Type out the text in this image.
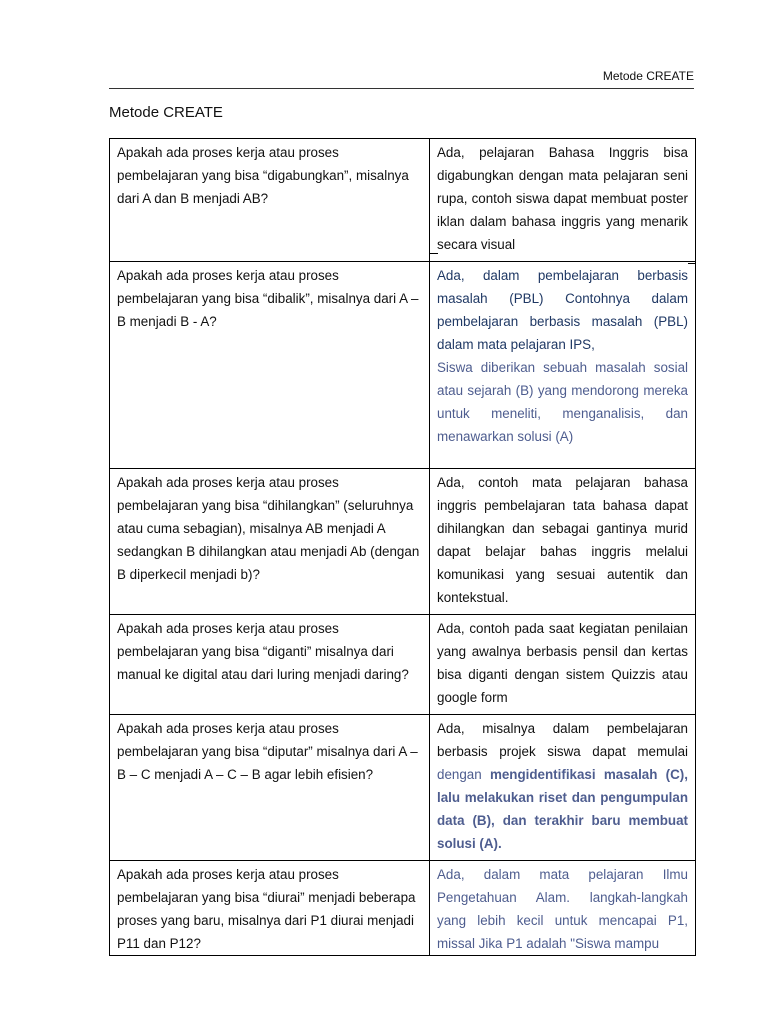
Metode CREATE
Metode CREATE
Apakah ada proses kerja atau proses pembelajaran yang bisa “digabungkan”, misalnya dari A dan B menjadi AB?	Ada, pelajaran Bahasa Inggris bisa digabungkan dengan mata pelajaran seni rupa, contoh siswa dapat membuat poster iklan dalam bahasa inggris yang menarik secara visual
Apakah ada proses kerja atau proses pembelajaran yang bisa “dibalik”, misalnya dari A – B menjadi B - A?	Ada, dalam pembelajaran berbasis masalah (PBL) Contohnya dalam pembelajaran berbasis masalah (PBL) dalam mata pelajaran IPS,
Siswa diberikan sebuah masalah sosial atau sejarah (B) yang mendorong mereka untuk meneliti, menganalisis, dan menawarkan solusi (A)
Apakah ada proses kerja atau proses pembelajaran yang bisa “dihilangkan” (seluruhnya atau cuma sebagian), misalnya AB menjadi A sedangkan B dihilangkan atau menjadi Ab (dengan B diperkecil menjadi b)?	Ada, contoh mata pelajaran bahasa inggris pembelajaran tata bahasa dapat dihilangkan dan sebagai gantinya murid dapat belajar bahas inggris melalui komunikasi yang sesuai autentik dan kontekstual.
Apakah ada proses kerja atau proses pembelajaran yang bisa “diganti” misalnya dari manual ke digital atau dari luring menjadi daring?	Ada, contoh pada saat kegiatan penilaian yang awalnya berbasis pensil dan kertas bisa diganti dengan sistem Quizzis atau google form
Apakah ada proses kerja atau proses pembelajaran yang bisa “diputar” misalnya dari A – B – C menjadi A – C – B agar lebih efisien?	Ada, misalnya dalam pembelajaran berbasis projek siswa dapat memulai dengan mengidentifikasi masalah (C), lalu melakukan riset dan pengumpulan data (B), dan terakhir baru membuat solusi (A).
Apakah ada proses kerja atau proses pembelajaran yang bisa “diurai” menjadi beberapa proses yang baru, misalnya dari P1 diurai menjadi P11 dan P12?	Ada, dalam mata pelajaran Ilmu Pengetahuan Alam. langkah-langkah yang lebih kecil untuk mencapai P1, missal Jika P1 adalah "Siswa mampu
